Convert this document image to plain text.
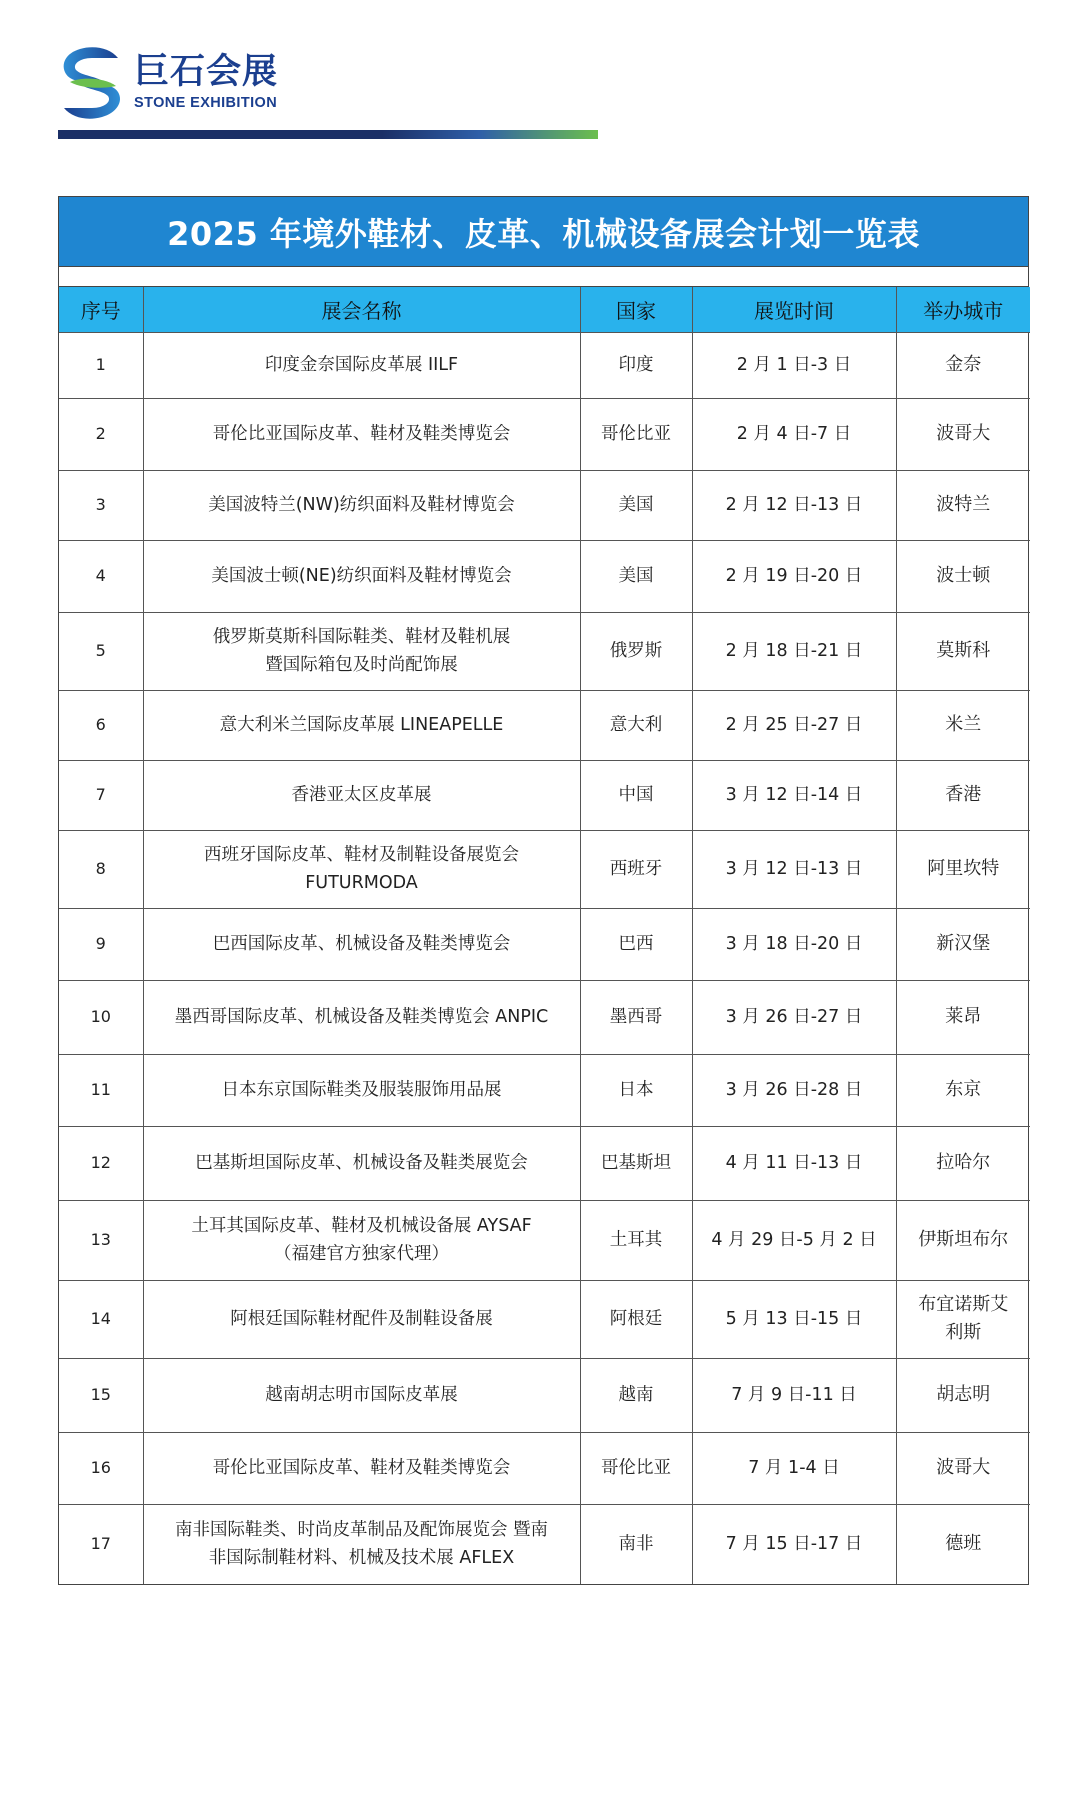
巨石会展
STONE EXHIBITION
2025 年境外鞋材、皮革、机械设备展会计划一览表
序号	展会名称	国家	展览时间	举办城市
1	印度金奈国际皮革展 IILF	印度	2 月 1 日-3 日	金奈
2	哥伦比亚国际皮革、鞋材及鞋类博览会	哥伦比亚	2 月 4 日-7 日	波哥大
3	美国波特兰(NW)纺织面料及鞋材博览会	美国	2 月 12 日-13 日	波特兰
4	美国波士顿(NE)纺织面料及鞋材博览会	美国	2 月 19 日-20 日	波士顿
5	俄罗斯莫斯科国际鞋类、鞋材及鞋机展
暨国际箱包及时尚配饰展	俄罗斯	2 月 18 日-21 日	莫斯科
6	意大利米兰国际皮革展 LINEAPELLE	意大利	2 月 25 日-27 日	米兰
7	香港亚太区皮革展	中国	3 月 12 日-14 日	香港
8	西班牙国际皮革、鞋材及制鞋设备展览会
FUTURMODA	西班牙	3 月 12 日-13 日	阿里坎特
9	巴西国际皮革、机械设备及鞋类博览会	巴西	3 月 18 日-20 日	新汉堡
10	墨西哥国际皮革、机械设备及鞋类博览会 ANPIC	墨西哥	3 月 26 日-27 日	莱昂
11	日本东京国际鞋类及服装服饰用品展	日本	3 月 26 日-28 日	东京
12	巴基斯坦国际皮革、机械设备及鞋类展览会	巴基斯坦	4 月 11 日-13 日	拉哈尔
13	土耳其国际皮革、鞋材及机械设备展 AYSAF
（福建官方独家代理）	土耳其	4 月 29 日-5 月 2 日	伊斯坦布尔
14	阿根廷国际鞋材配件及制鞋设备展	阿根廷	5 月 13 日-15 日	布宜诺斯艾
利斯
15	越南胡志明市国际皮革展	越南	7 月 9 日-11 日	胡志明
16	哥伦比亚国际皮革、鞋材及鞋类博览会	哥伦比亚	7 月 1-4 日	波哥大
17	南非国际鞋类、时尚皮革制品及配饰展览会 暨南
非国际制鞋材料、机械及技术展 AFLEX	南非	7 月 15 日-17 日	德班
